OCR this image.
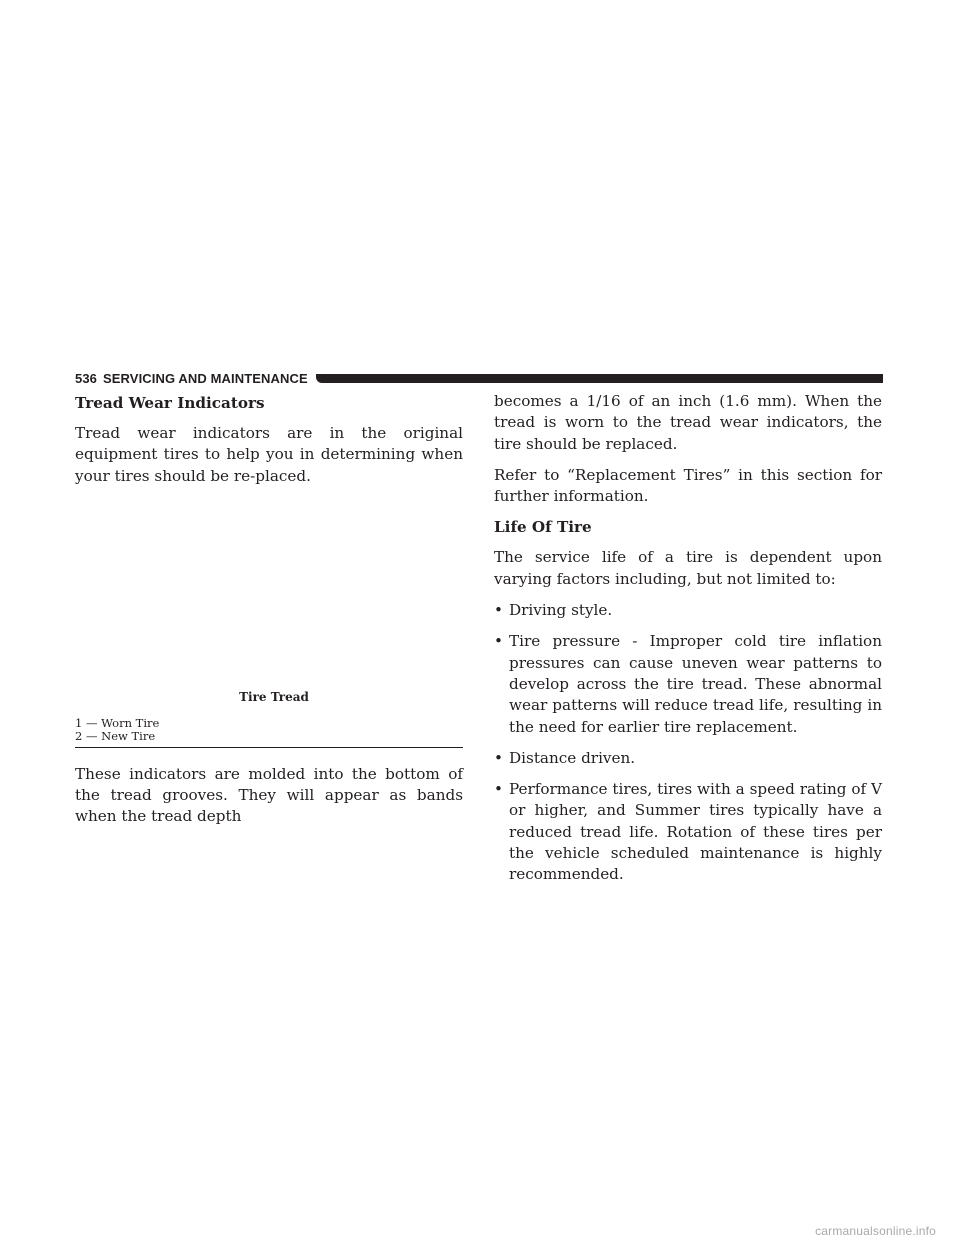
536 SERVICING AND MAINTENANCE
Tread Wear Indicators

Tread wear indicators are in the original equipment tires to help you in determining when your tires should be re-placed.

Tire Tread
1 — Worn Tire
2 — New Tire

These indicators are molded into the bottom of the tread grooves. They will appear as bands when the tread depth

becomes a 1/16 of an inch (1.6 mm). When the tread is worn to the tread wear indicators, the tire should be replaced.

Refer to “Replacement Tires” in this section for further information.

Life Of Tire

The service life of a tire is dependent upon varying factors including, but not limited to:

• Driving style.
• Tire pressure - Improper cold tire inflation pressures can cause uneven wear patterns to develop across the tire tread. These abnormal wear patterns will reduce tread life, resulting in the need for earlier tire replacement.
• Distance driven.
• Performance tires, tires with a speed rating of V or higher, and Summer tires typically have a reduced tread life. Rotation of these tires per the vehicle scheduled maintenance is highly recommended.
carmanualsonline.info
